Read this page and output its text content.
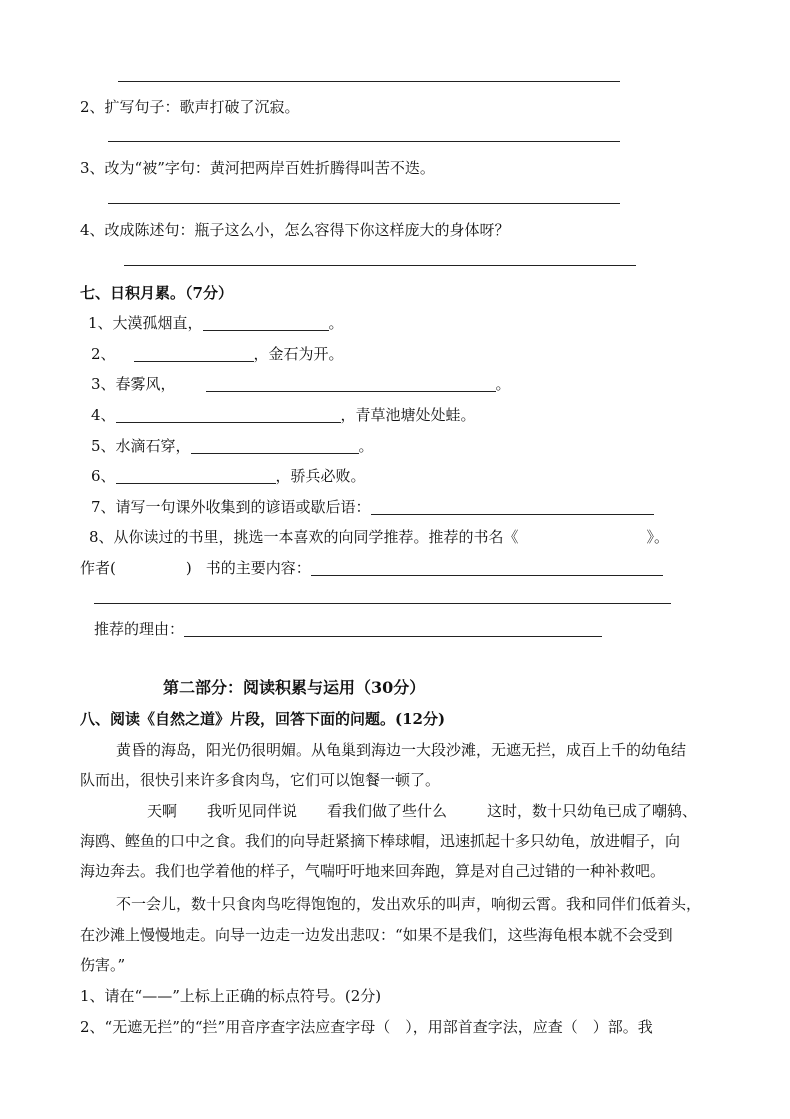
2、扩写句子：歌声打破了沉寂。
3、改为“被”字句：黄河把两岸百姓折腾得叫苦不迭。
4、改成陈述句：瓶子这么小，怎么容得下你这样庞大的身体呀？
七、日积月累。（7分）
1、大漠孤烟直，	。
2、	，金石为开。
3、春雾风，	。
4、	，青草池塘处处蛙。
5、水滴石穿，	。
6、	，骄兵必败。
7、请写一句课外收集到的谚语或歇后语：
8、从你读过的书里，挑选一本喜欢的向同学推荐。推荐的书名《	》。
作者(	) 书的主要内容：
推荐的理由：
第二部分：阅读积累与运用（30分）
八、阅读《自然之道》片段，回答下面的问题。(12分)
黄昏的海岛，阳光仍很明媚。从龟巢到海边一大段沙滩，无遮无拦，成百上千的幼龟结
队而出，很快引来许多食肉鸟，它们可以饱餐一顿了。
天啊 我听见同伴说 看我们做了些什么	这时，数十只幼龟已成了嘲鸫、
海鸥、鲣鱼的口中之食。我们的向导赶紧摘下棒球帽，迅速抓起十多只幼龟，放进帽子，向
海边奔去。我们也学着他的样子，气喘吁吁地来回奔跑，算是对自己过错的一种补救吧。
不一会儿，数十只食肉鸟吃得饱饱的，发出欢乐的叫声，响彻云霄。我和同伴们低着头，
在沙滩上慢慢地走。向导一边走一边发出悲叹：“如果不是我们，这些海龟根本就不会受到
伤害。”
1、请在“——”上标上正确的标点符号。(2分)
2、“无遮无拦”的“拦”用音序查字法应查字母（　），用部首查字法，应查（　）部。我
